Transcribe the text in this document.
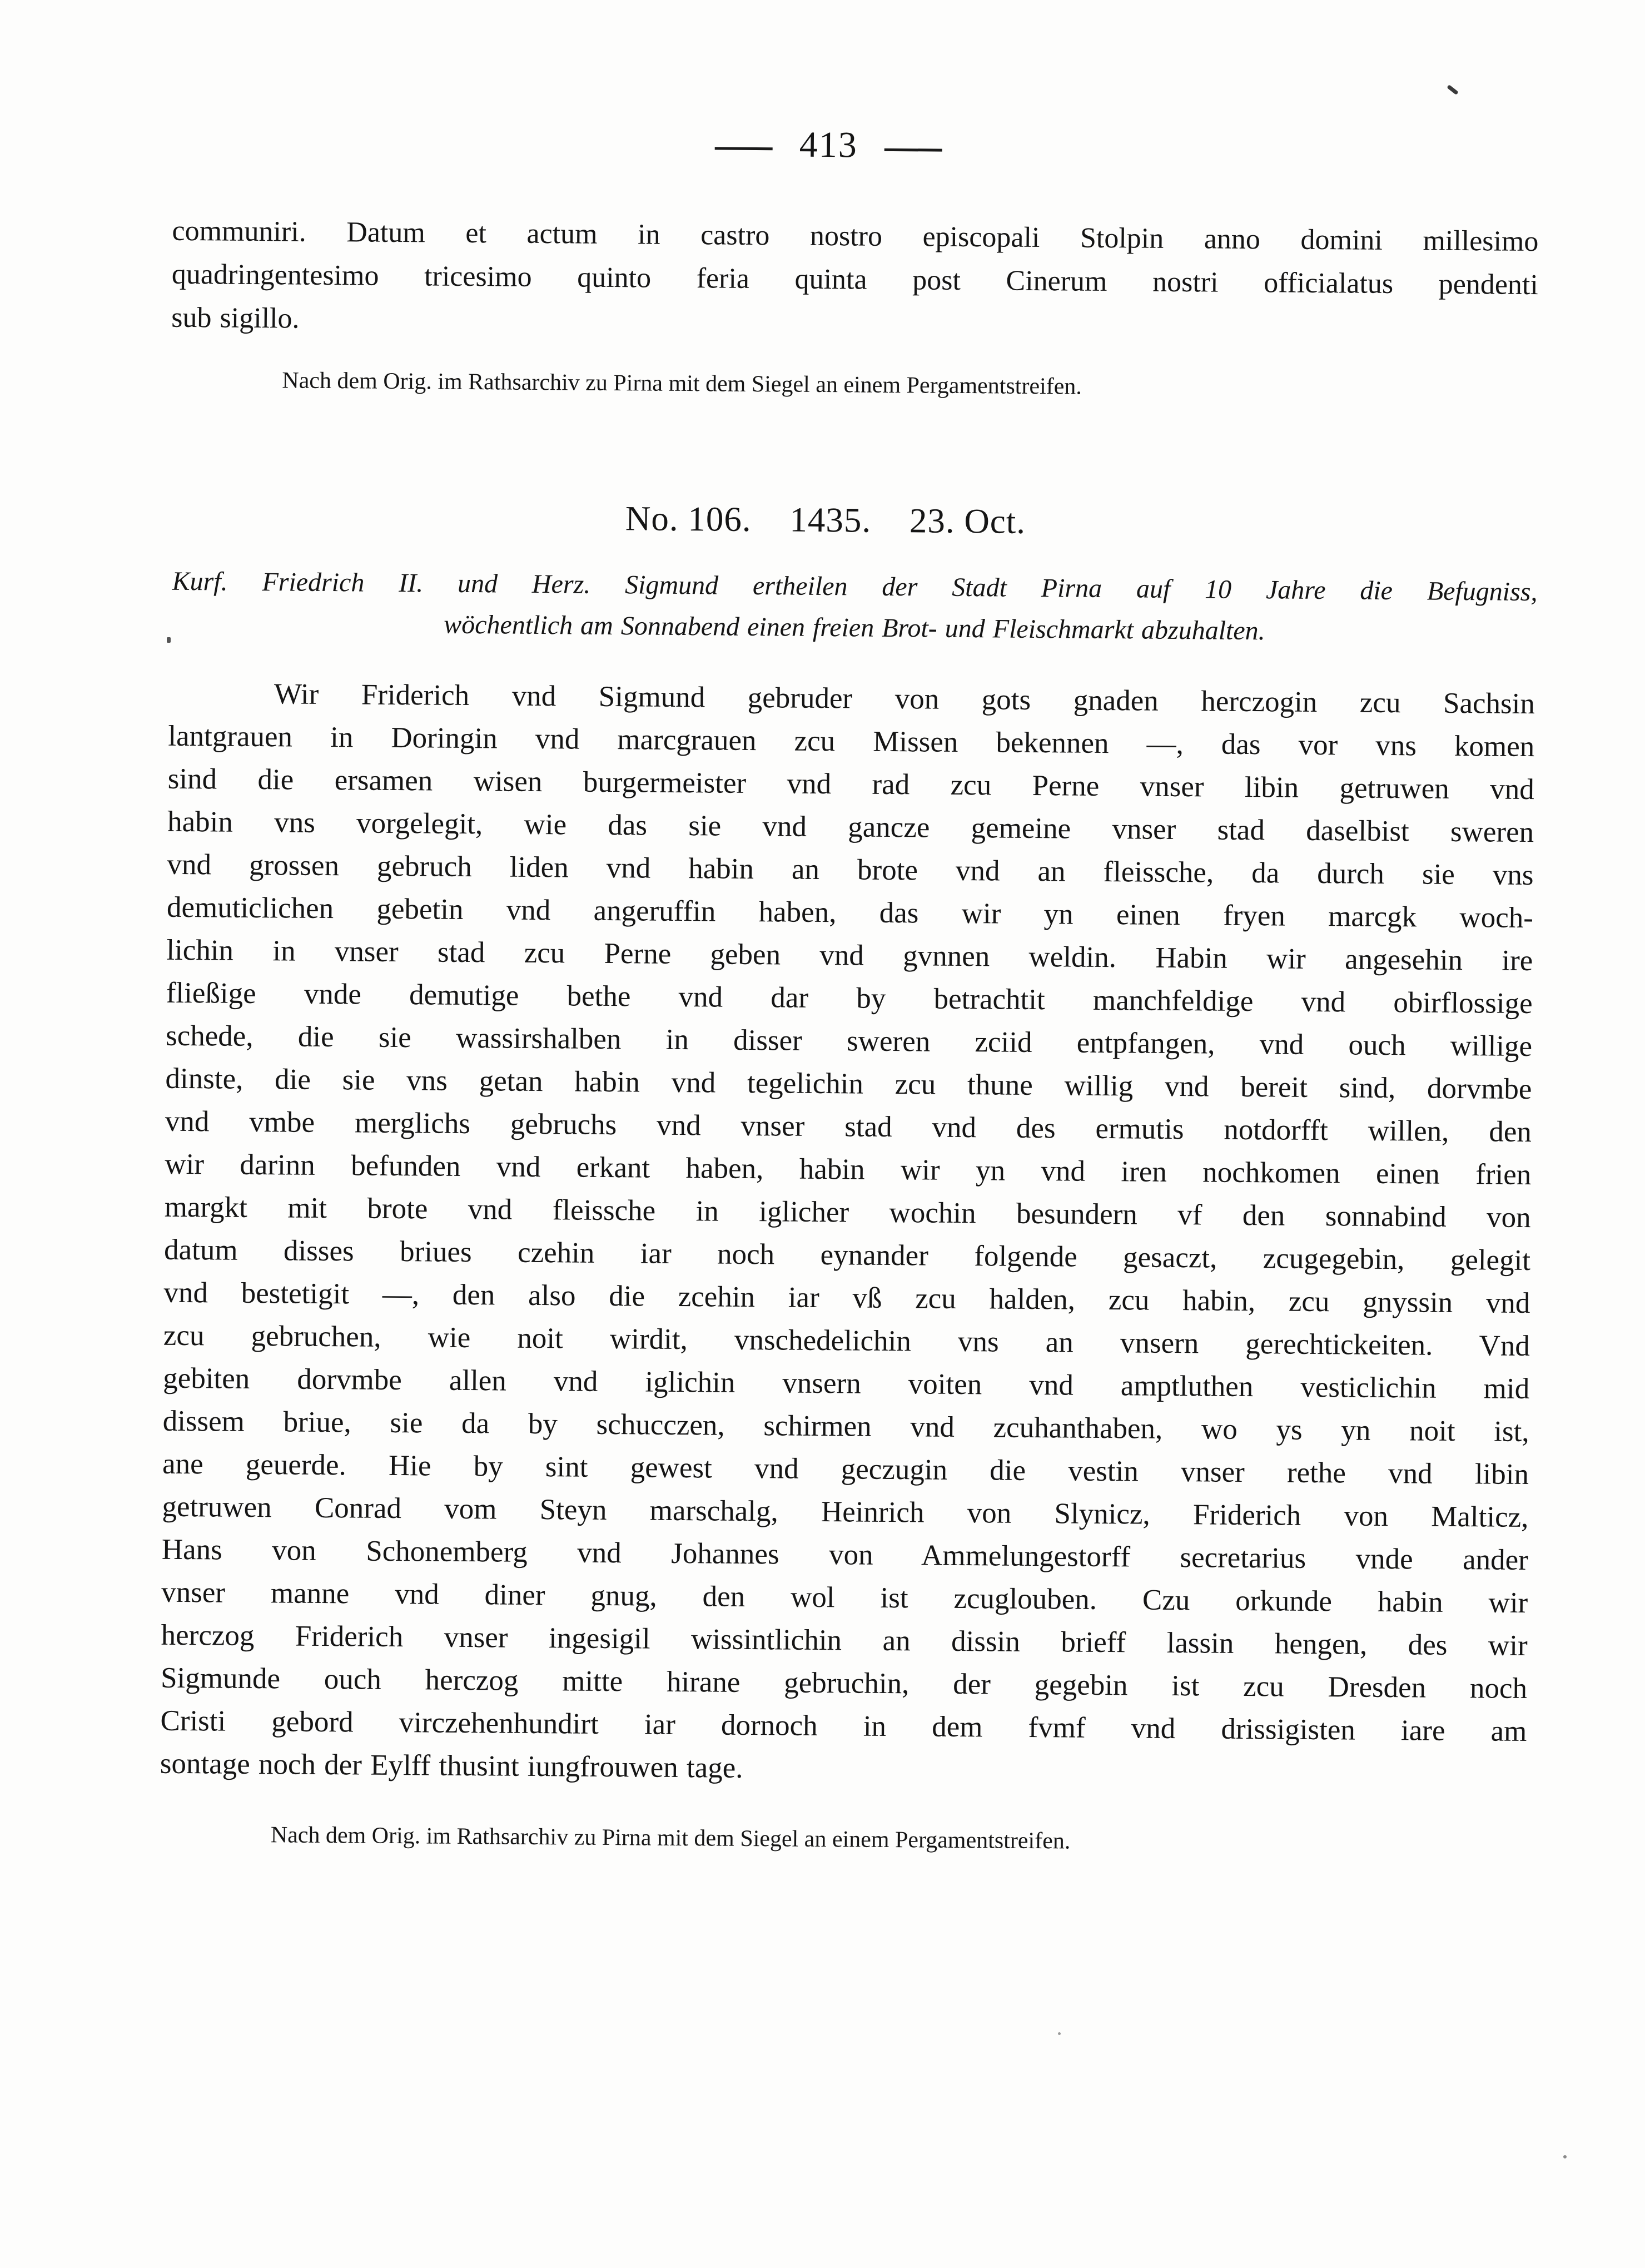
413
communiri. Datum et actum in castro nostro episcopali Stolpin anno domini millesimo
quadringentesimo tricesimo quinto feria quinta post Cinerum nostri officialatus pendenti
sub sigillo.
Nach dem Orig. im Rathsarchiv zu Pirna mit dem Siegel an einem Pergamentstreifen.
No. 106. 1435. 23. Oct.
Kurf. Friedrich II. und Herz. Sigmund ertheilen der Stadt Pirna auf 10 Jahre die Befugniss,
wöchentlich am Sonnabend einen freien Brot- und Fleischmarkt abzuhalten.
Wir Friderich vnd Sigmund gebruder von gots gnaden herczogin zcu Sachsin
lantgrauen in Doringin vnd marcgrauen zcu Missen bekennen —, das vor vns komen
sind die ersamen wisen burgermeister vnd rad zcu Perne vnser libin getruwen vnd
habin vns vorgelegit, wie das sie vnd gancze gemeine vnser stad daselbist sweren
vnd grossen gebruch liden vnd habin an brote vnd an fleissche, da durch sie vns
demuticlichen gebetin vnd angeruffin haben, das wir yn einen fryen marcgk woch-
lichin in vnser stad zcu Perne geben vnd gvnnen weldin. Habin wir angesehin ire
fließige vnde demutige bethe vnd dar by betrachtit manchfeldige vnd obirflossige
schede, die sie wassirshalben in disser sweren zciid entpfangen, vnd ouch willige
dinste, die sie vns getan habin vnd tegelichin zcu thune willig vnd bereit sind, dorvmbe
vnd vmbe merglichs gebruchs vnd vnser stad vnd des ermutis notdorfft willen, den
wir darinn befunden vnd erkant haben, habin wir yn vnd iren nochkomen einen frien
margkt mit brote vnd fleissche in iglicher wochin besundern vf den sonnabind von
datum disses briues czehin iar noch eynander folgende gesaczt, zcugegebin, gelegit
vnd bestetigit —, den also die zcehin iar vß zcu halden, zcu habin, zcu gnyssin vnd
zcu gebruchen, wie noit wirdit, vnschedelichin vns an vnsern gerechtickeiten. Vnd
gebiten dorvmbe allen vnd iglichin vnsern voiten vnd amptluthen vesticlichin mid
dissem briue, sie da by schucczen, schirmen vnd zcuhanthaben, wo ys yn noit ist,
ane geuerde. Hie by sint gewest vnd geczugin die vestin vnser rethe vnd libin
getruwen Conrad vom Steyn marschalg, Heinrich von Slynicz, Friderich von Malticz,
Hans von Schonemberg vnd Johannes von Ammelungestorff secretarius vnde ander
vnser manne vnd diner gnug, den wol ist zcuglouben. Czu orkunde habin wir
herczog Friderich vnser ingesigil wissintlichin an dissin brieff lassin hengen, des wir
Sigmunde ouch herczog mitte hirane gebruchin, der gegebin ist zcu Dresden noch
Cristi gebord virczehenhundirt iar dornoch in dem fvmf vnd drissigisten iare am
sontage noch der Eylff thusint iungfrouwen tage.
Nach dem Orig. im Rathsarchiv zu Pirna mit dem Siegel an einem Pergamentstreifen.
